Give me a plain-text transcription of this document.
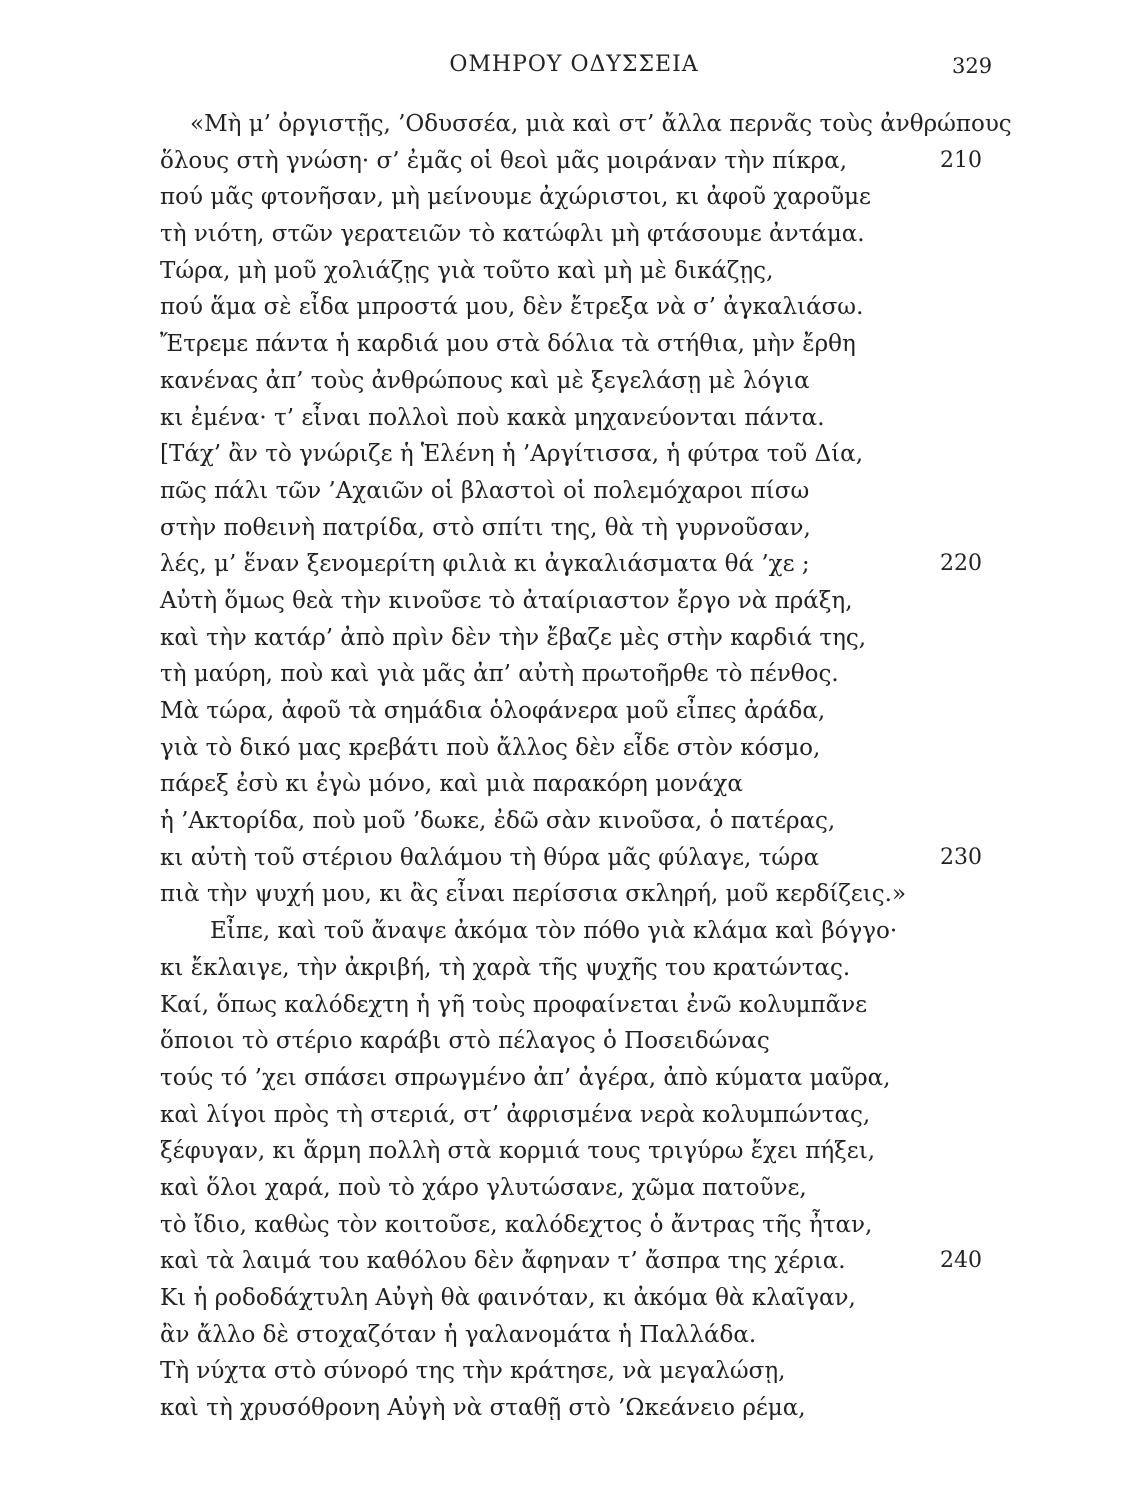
ΟΜΗΡΟΥ ΟΔΥΣΣΕΙΑ	329
«Μὴ μ’ ὀργιστῇς, ’Οδυσσέα, μιὰ καὶ στ’ ἄλλα περνᾶς τοὺς ἀνθρώπους
ὅλους στὴ γνώση· σ’ ἐμᾶς οἱ θεοὶ μᾶς μοιράναν τὴν πίκρα,	210
πού μᾶς φτονῆσαν, μὴ μείνουμε ἀχώριστοι, κι ἀφοῦ χαροῦμε
τὴ νιότη, στῶν γερατειῶν τὸ κατώφλι μὴ φτάσουμε ἀντάμα.
Τώρα, μὴ μοῦ χολιάζῃς γιὰ τοῦτο καὶ μὴ μὲ δικάζῃς,
πού ἅμα σὲ εἶδα μπροστά μου, δὲν ἔτρεξα νὰ σ’ ἀγκαλιάσω.
Ἔτρεμε πάντα ἡ καρδιά μου στὰ δόλια τὰ στήθια, μὴν ἔρθη
κανένας ἀπ’ τοὺς ἀνθρώπους καὶ μὲ ξεγελάσῃ μὲ λόγια
κι ἐμένα· τ’ εἶναι πολλοὶ ποὺ κακὰ μηχανεύονται πάντα.
[Τάχ’ ἂν τὸ γνώριζε ἡ Ἑλένη ἡ ’Αργίτισσα, ἡ φύτρα τοῦ Δία,
πῶς πάλι τῶν ’Αχαιῶν οἱ βλαστοὶ οἱ πολεμόχαροι πίσω
στὴν ποθεινὴ πατρίδα, στὸ σπίτι της, θὰ τὴ γυρνοῦσαν,
λές, μ’ ἕναν ξενομερίτη φιλιὰ κι ἀγκαλιάσματα θά ’χε ;	220
Αὐτὴ ὅμως θεὰ τὴν κινοῦσε τὸ ἀταίριαστον ἔργο νὰ πράξη,
καὶ τὴν κατάρ’ ἀπὸ πρὶν δὲν τὴν ἔβαζε μὲς στὴν καρδιά της,
τὴ μαύρη, ποὺ καὶ γιὰ μᾶς ἀπ’ αὐτὴ πρωτοῆρθε τὸ πένθος.
Μὰ τώρα, ἀφοῦ τὰ σημάδια ὁλοφάνερα μοῦ εἶπες ἀράδα,
γιὰ τὸ δικό μας κρεβάτι ποὺ ἄλλος δὲν εἶδε στὸν κόσμο,
πάρεξ ἐσὺ κι ἐγὼ μόνο, καὶ μιὰ παρακόρη μονάχα
ἡ ’Ακτορίδα, ποὺ μοῦ ’δωκε, ἐδῶ σὰν κινοῦσα, ὁ πατέρας,
κι αὐτὴ τοῦ στέριου θαλάμου τὴ θύρα μᾶς φύλαγε, τώρα	230
πιὰ τὴν ψυχή μου, κι ἂς εἶναι περίσσια σκληρή, μοῦ κερδίζεις.»
Εἶπε, καὶ τοῦ ἄναψε ἀκόμα τὸν πόθο γιὰ κλάμα καὶ βόγγο·
κι ἔκλαιγε, τὴν ἀκριβή, τὴ χαρὰ τῆς ψυχῆς του κρατώντας.
Καί, ὅπως καλόδεχτη ἡ γῆ τοὺς προφαίνεται ἐνῶ κολυμπᾶνε
ὅποιοι τὸ στέριο καράβι στὸ πέλαγος ὁ Ποσειδώνας
τούς τό ’χει σπάσει σπρωγμένο ἀπ’ ἀγέρα, ἀπὸ κύματα μαῦρα,
καὶ λίγοι πρὸς τὴ στεριά, στ’ ἀφρισμένα νερὰ κολυμπώντας,
ξέφυγαν, κι ἅρμη πολλὴ στὰ κορμιά τους τριγύρω ἔχει πήξει,
καὶ ὅλοι χαρά, ποὺ τὸ χάρο γλυτώσανε, χῶμα πατοῦνε,
τὸ ἴδιο, καθὼς τὸν κοιτοῦσε, καλόδεχτος ὁ ἄντρας τῆς ἦταν,
καὶ τὰ λαιμά του καθόλου δὲν ἄφηναν τ’ ἄσπρα της χέρια.	240
Κι ἡ ροδοδάχτυλη Αὐγὴ θὰ φαινόταν, κι ἀκόμα θὰ κλαῖγαν,
ἂν ἄλλο δὲ στοχαζόταν ἡ γαλανομάτα ἡ Παλλάδα.
Τὴ νύχτα στὸ σύνορό της τὴν κράτησε, νὰ μεγαλώσῃ,
καὶ τὴ χρυσόθρονη Αὐγὴ νὰ σταθῇ στὸ ’Ωκεάνειο ρέμα,
